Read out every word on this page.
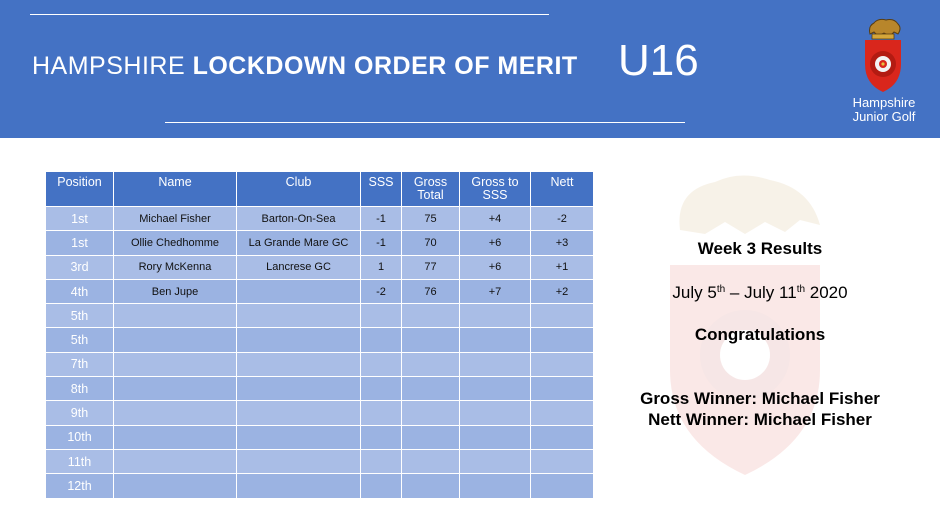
HAMPSHIRE LOCKDOWN ORDER OF MERIT U16
Hampshire
Junior Golf
Position	Name	Club	SSS	Gross Total	Gross to SSS	Nett
1st	Michael Fisher	Barton-On-Sea	-1	75	+4	-2
1st	Ollie Chedhomme	La Grande Mare GC	-1	70	+6	+3
3rd	Rory McKenna	Lancrese GC	1	77	+6	+1
4th	Ben Jupe		-2	76	+7	+2
5th						
5th						
7th						
8th						
9th						
10th						
11th						
12th						
Week 3 Results
July 5th – July 11th 2020
Congratulations
Gross Winner: Michael Fisher
Nett Winner: Michael Fisher
